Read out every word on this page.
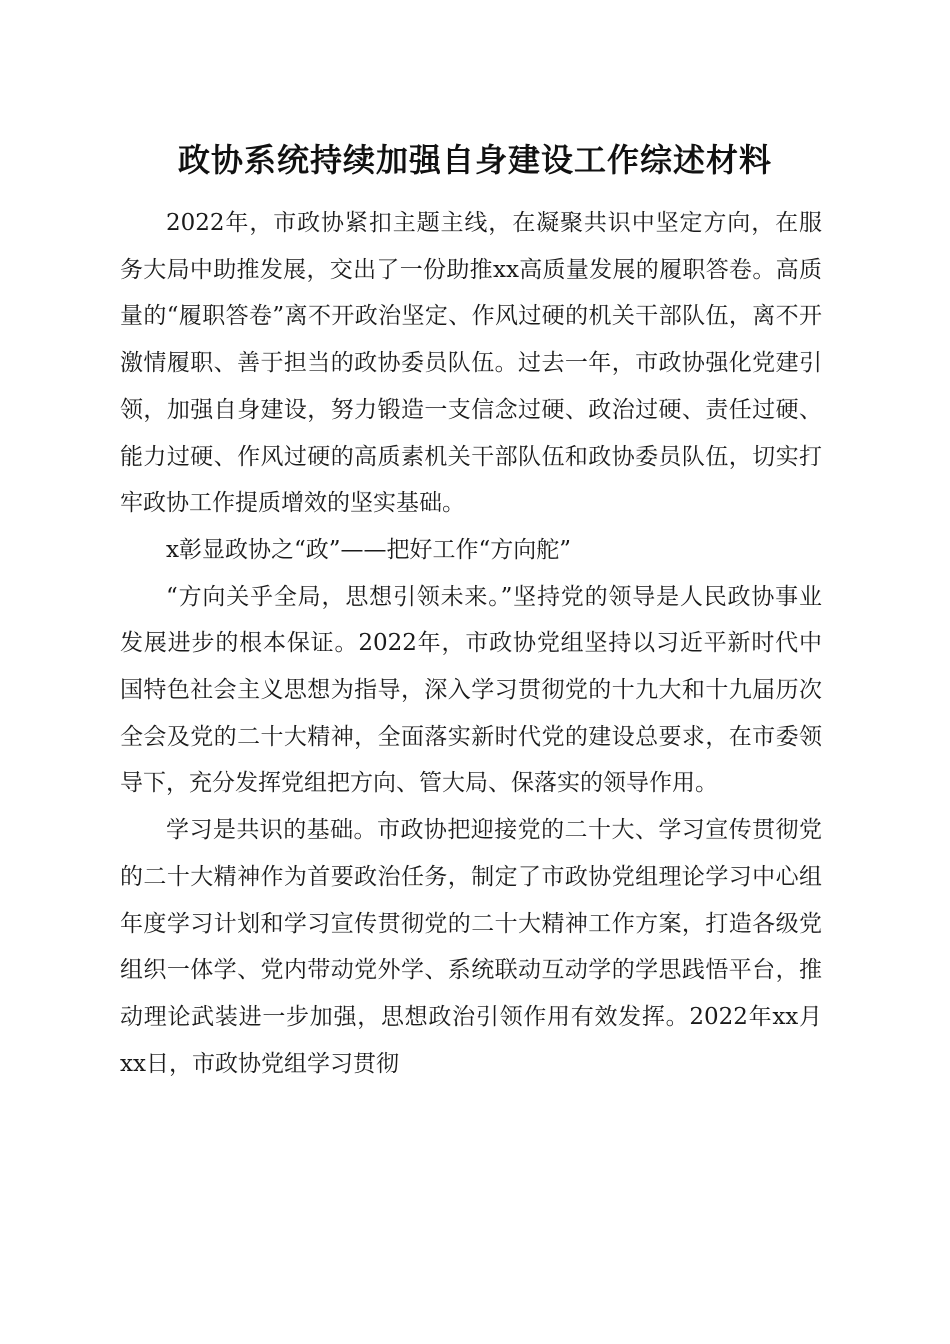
政协系统持续加强自身建设工作综述材料

2022年，市政协紧扣主题主线，在凝聚共识中坚定方向，在服务大局中助推发展，交出了一份助推xx高质量发展的履职答卷。高质量的“履职答卷”离不开政治坚定、作风过硬的机关干部队伍，离不开激情履职、善于担当的政协委员队伍。过去一年，市政协强化党建引领，加强自身建设，努力锻造一支信念过硬、政治过硬、责任过硬、能力过硬、作风过硬的高质素机关干部队伍和政协委员队伍，切实打牢政协工作提质增效的坚实基础。

x彰显政协之“政”——把好工作“方向舵”

“方向关乎全局，思想引领未来。”坚持党的领导是人民政协事业发展进步的根本保证。2022年，市政协党组坚持以习近平新时代中国特色社会主义思想为指导，深入学习贯彻党的十九大和十九届历次全会及党的二十大精神，全面落实新时代党的建设总要求，在市委领导下，充分发挥党组把方向、管大局、保落实的领导作用。

学习是共识的基础。市政协把迎接党的二十大、学习宣传贯彻党的二十大精神作为首要政治任务，制定了市政协党组理论学习中心组年度学习计划和学习宣传贯彻党的二十大精神工作方案，打造各级党组织一体学、党内带动党外学、系统联动互动学的学思践悟平台，推动理论武装进一步加强，思想政治引领作用有效发挥。2022年xx月xx日，市政协党组学习贯彻
